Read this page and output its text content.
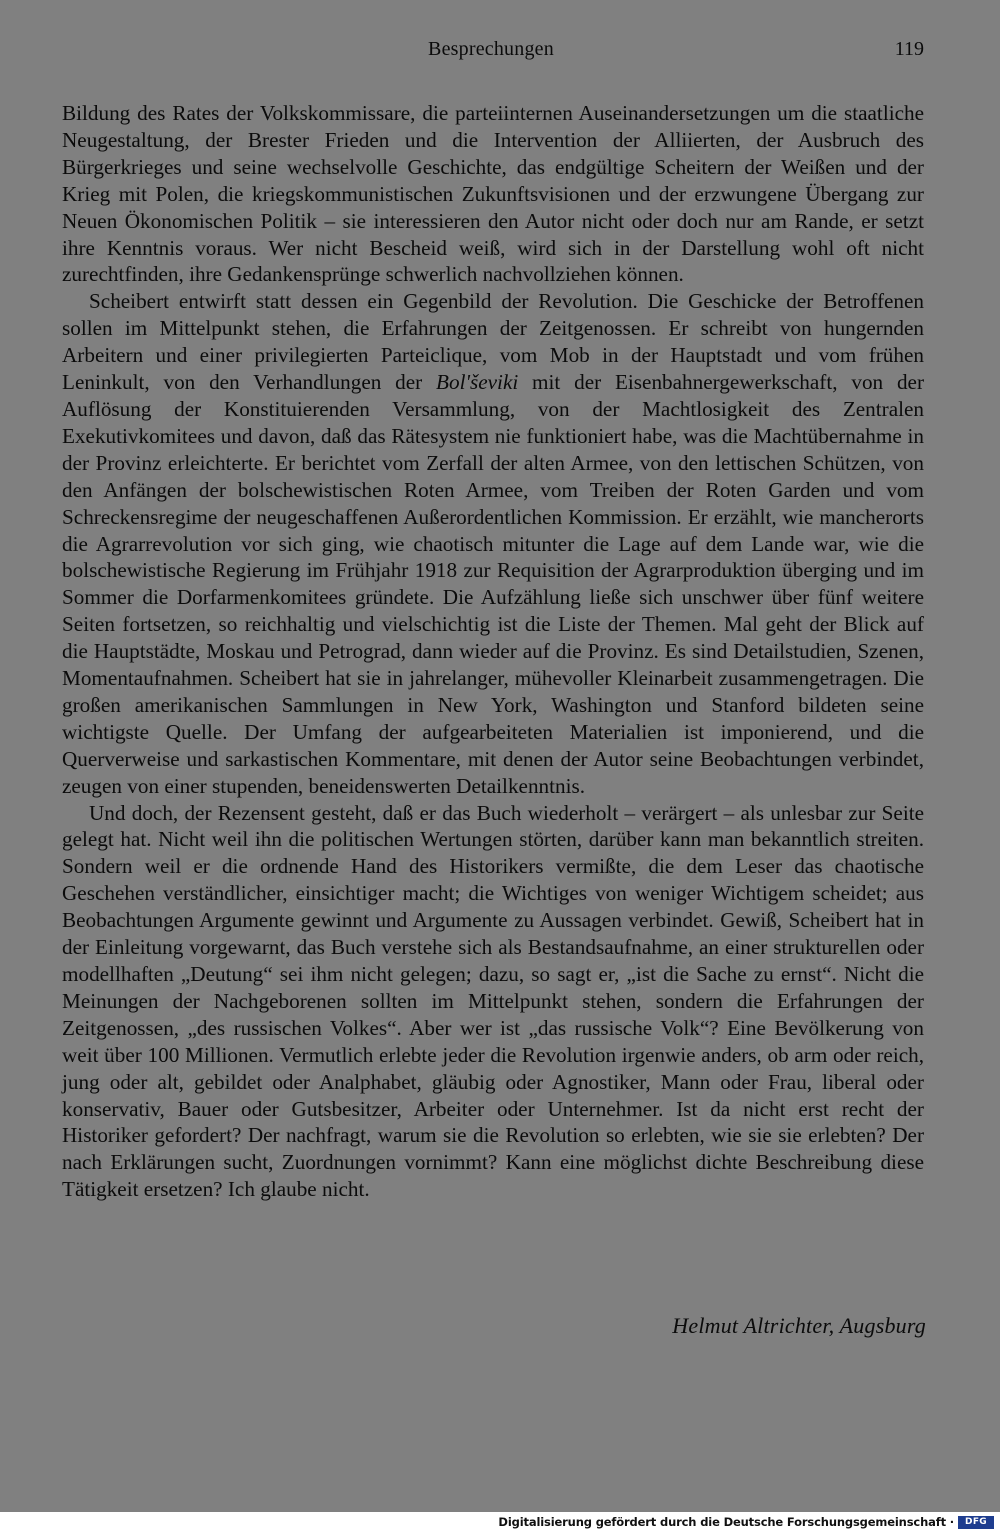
Besprechungen	119

Bildung des Rates der Volkskommissare, die parteiinternen Auseinandersetzungen um die staatliche Neugestaltung, der Brester Frieden und die Intervention der Alliierten, der Ausbruch des Bürgerkrieges und seine wechselvolle Geschichte, das endgültige Scheitern der Weißen und der Krieg mit Polen, die kriegskommunistischen Zukunftsvisionen und der erzwungene Übergang zur Neuen Ökonomischen Politik – sie interessieren den Autor nicht oder doch nur am Rande, er setzt ihre Kenntnis voraus. Wer nicht Bescheid weiß, wird sich in der Darstellung wohl oft nicht zurechtfinden, ihre Gedankensprünge schwerlich nachvollziehen können.

Scheibert entwirft statt dessen ein Gegenbild der Revolution. Die Geschicke der Betroffenen sollen im Mittelpunkt stehen, die Erfahrungen der Zeitgenossen. Er schreibt von hungernden Arbeitern und einer privilegierten Parteiclique, vom Mob in der Hauptstadt und vom frühen Leninkult, von den Verhandlungen der Bol'ševiki mit der Eisenbahnergewerkschaft, von der Auflösung der Konstituierenden Versammlung, von der Machtlosigkeit des Zentralen Exekutivkomitees und davon, daß das Rätesystem nie funktioniert habe, was die Machtübernahme in der Provinz erleichterte. Er berichtet vom Zerfall der alten Armee, von den lettischen Schützen, von den Anfängen der bolschewistischen Roten Armee, vom Treiben der Roten Garden und vom Schreckensregime der neugeschaffenen Außerordentlichen Kommission. Er erzählt, wie mancherorts die Agrarrevolution vor sich ging, wie chaotisch mitunter die Lage auf dem Lande war, wie die bolschewistische Regierung im Frühjahr 1918 zur Requisition der Agrarproduktion überging und im Sommer die Dorfarmenkomitees gründete. Die Aufzählung ließe sich unschwer über fünf weitere Seiten fortsetzen, so reichhaltig und vielschichtig ist die Liste der Themen. Mal geht der Blick auf die Hauptstädte, Moskau und Petrograd, dann wieder auf die Provinz. Es sind Detailstudien, Szenen, Momentaufnahmen. Scheibert hat sie in jahrelanger, mühevoller Kleinarbeit zusammengetragen. Die großen amerikanischen Sammlungen in New York, Washington und Stanford bildeten seine wichtigste Quelle. Der Umfang der aufgearbeiteten Materialien ist imponierend, und die Querverweise und sarkastischen Kommentare, mit denen der Autor seine Beobachtungen verbindet, zeugen von einer stupenden, beneidenswerten Detailkenntnis.

Und doch, der Rezensent gesteht, daß er das Buch wiederholt – verärgert – als unlesbar zur Seite gelegt hat. Nicht weil ihn die politischen Wertungen störten, darüber kann man bekanntlich streiten. Sondern weil er die ordnende Hand des Historikers vermißte, die dem Leser das chaotische Geschehen verständlicher, einsichtiger macht; die Wichtiges von weniger Wichtigem scheidet; aus Beobachtungen Argumente gewinnt und Argumente zu Aussagen verbindet. Gewiß, Scheibert hat in der Einleitung vorgewarnt, das Buch verstehe sich als Bestandsaufnahme, an einer strukturellen oder modellhaften „Deutung“ sei ihm nicht gelegen; dazu, so sagt er, „ist die Sache zu ernst“. Nicht die Meinungen der Nachgeborenen sollten im Mittelpunkt stehen, sondern die Erfahrungen der Zeitgenossen, „des russischen Volkes“. Aber wer ist „das russische Volk“? Eine Bevölkerung von weit über 100 Millionen. Vermutlich erlebte jeder die Revolution irgenwie anders, ob arm oder reich, jung oder alt, gebildet oder Analphabet, gläubig oder Agnostiker, Mann oder Frau, liberal oder konservativ, Bauer oder Gutsbesitzer, Arbeiter oder Unternehmer. Ist da nicht erst recht der Historiker gefordert? Der nachfragt, warum sie die Revolution so erlebten, wie sie sie erlebten? Der nach Erklärungen sucht, Zuordnungen vornimmt? Kann eine möglichst dichte Beschreibung diese Tätigkeit ersetzen? Ich glaube nicht.

Helmut Altrichter, Augsburg
Digitalisierung gefördert durch die Deutsche Forschungsgemeinschaft ·	DFG
